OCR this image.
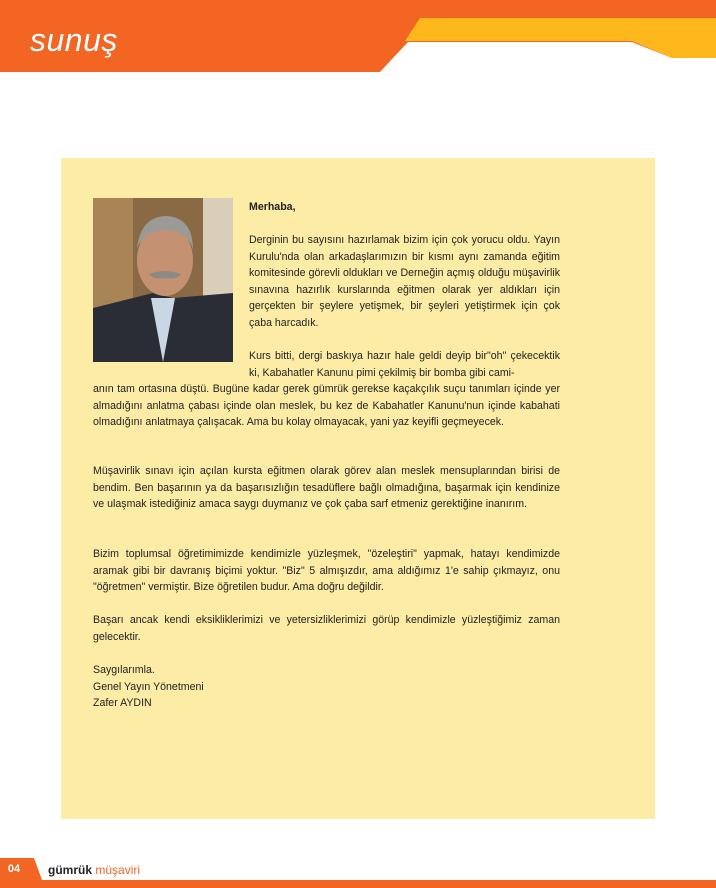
sunuş
Merhaba,

Derginin bu sayısını hazırlamak bizim için çok yorucu oldu. Yayın Kurulu'nda olan arkadaşlarımızın bir kısmı aynı zamanda eğitim komitesinde görevli oldukları ve Derneğin açmış olduğu müşavirlik sınavına hazırlık kurslarında eğitmen olarak yer aldıkları için gerçekten bir şeylere yetişmek, bir şeyleri yetiştirmek için çok çaba harcadık.

Kurs bitti, dergi baskıya hazır hale geldi deyip bir"oh" çekecektik ki, Kabahatler Kanunu pimi çekilmiş bir bomba gibi cami-

anın tam ortasına düştü. Bugüne kadar gerek gümrük gerekse kaçakçılık suçu tanımları içinde yer almadığını anlatma çabası içinde olan meslek, bu kez de Kabahatler Kanunu'nun içinde kabahati olmadığını anlatmaya çalışacak. Ama bu kolay olmayacak, yani yaz keyifli geçmeyecek.

Müşavirlik sınavı için açılan kursta eğitmen olarak görev alan meslek mensuplarından birisi de bendim. Ben başarının ya da başarısızlığın tesadüflere bağlı olmadığına, başarmak için kendinize ve ulaşmak istediğiniz amaca saygı duymanız ve çok çaba sarf etmeniz gerektiğine inanırım.

Bizim toplumsal öğretimimizde kendimizle yüzleşmek, "özeleştiri" yapmak, hatayı kendimizde aramak gibi bir davranış biçimi yoktur. "Biz" 5 almışızdır, ama aldığımız 1'e sahip çıkmayız, onu "öğretmen" vermiştir. Bize öğretilen budur. Ama doğru değildir.

Başarı ancak kendi eksikliklerimizi ve yetersizliklerimizi görüp kendimizle yüzleştiğimiz zaman gelecektir.

Saygılarımla.

Genel Yayın Yönetmeni

Zafer AYDIN

04	gümrük müşaviri
